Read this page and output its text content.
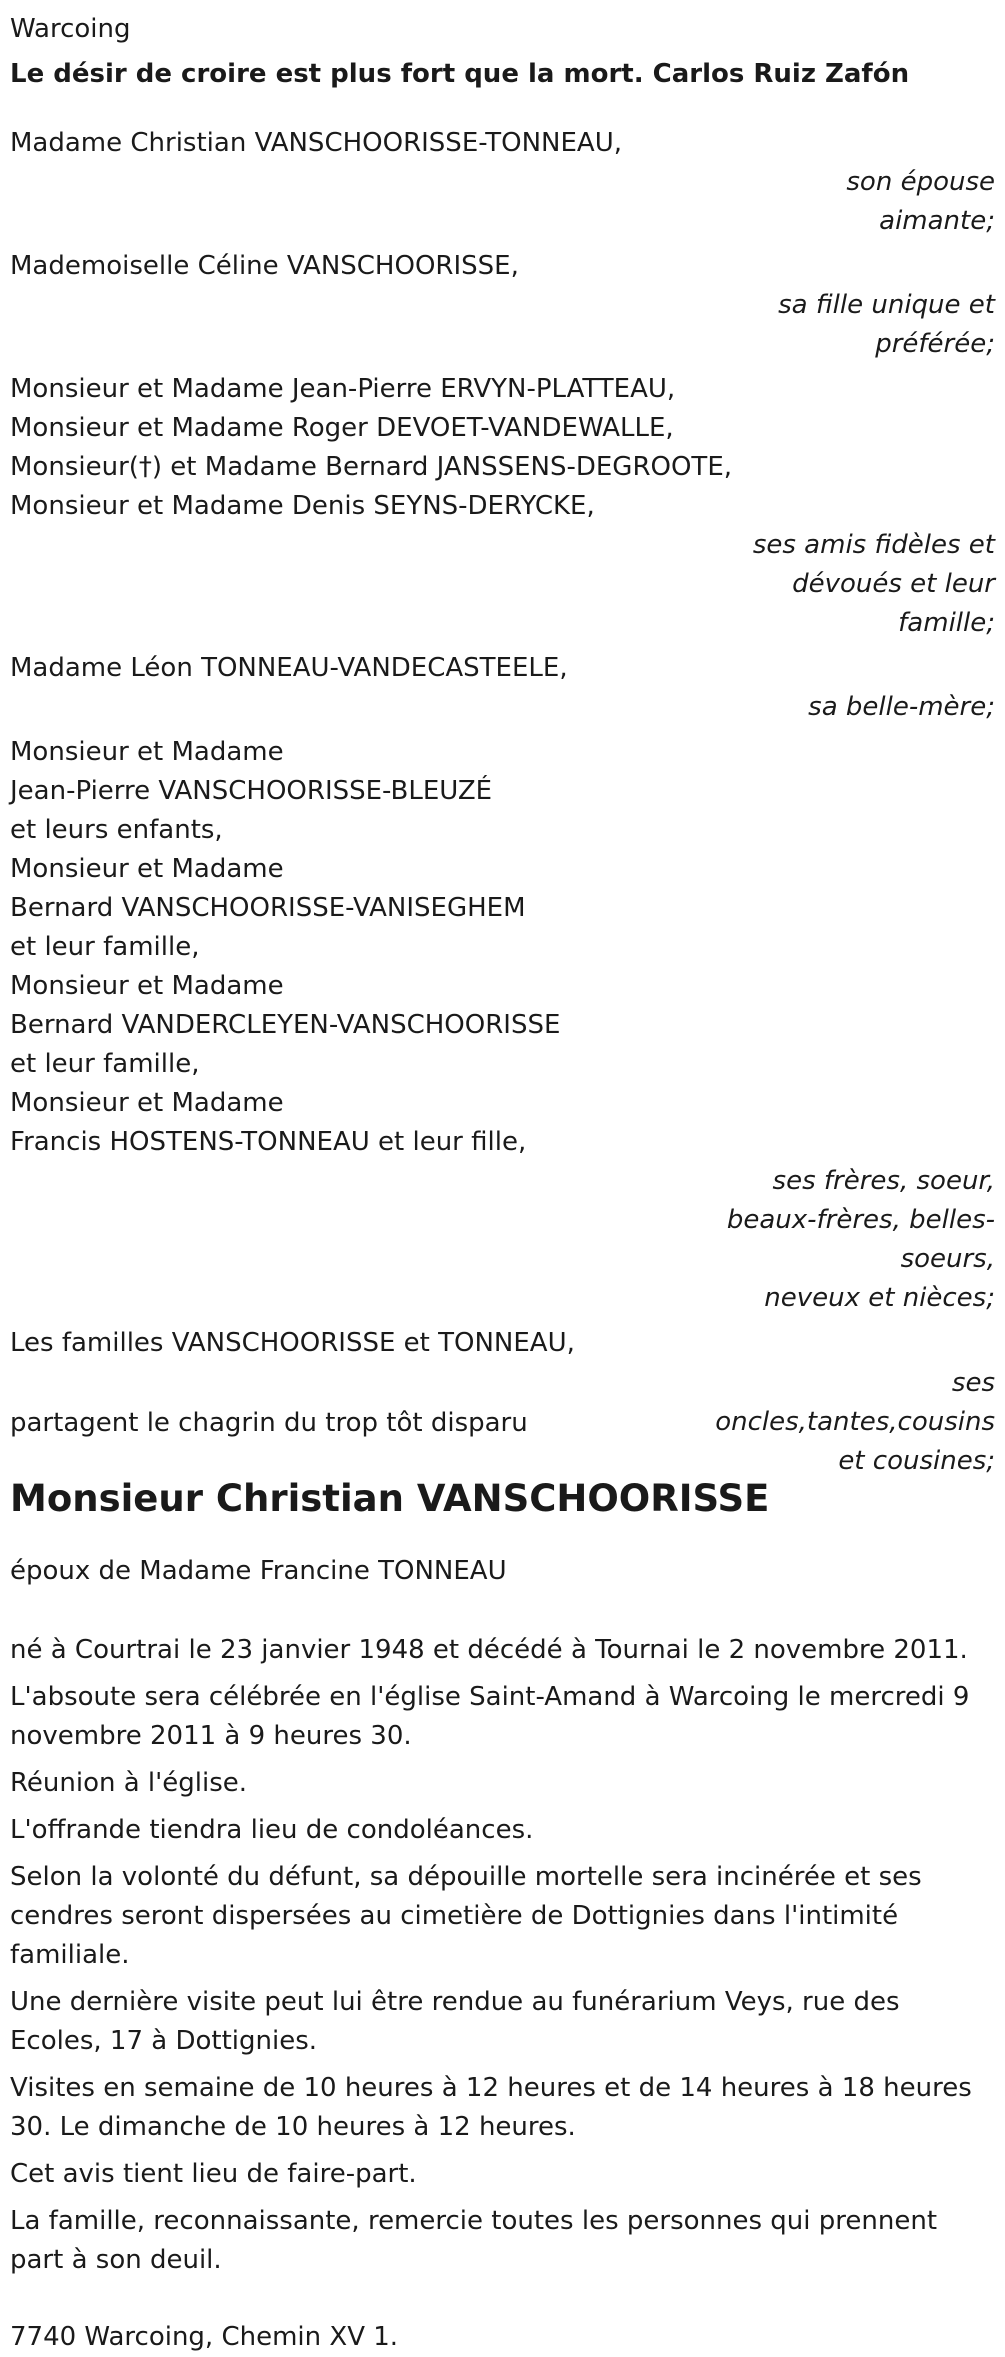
Warcoing
Le désir de croire est plus fort que la mort. Carlos Ruiz Zafón
Madame Christian VANSCHOORISSE-TONNEAU,
son épouse
aimante;
Mademoiselle Céline VANSCHOORISSE,
sa fille unique et
préférée;
Monsieur et Madame Jean-Pierre ERVYN-PLATTEAU,
Monsieur et Madame Roger DEVOET-VANDEWALLE,
Monsieur(†) et Madame Bernard JANSSENS-DEGROOTE,
Monsieur et Madame Denis SEYNS-DERYCKE,
ses amis fidèles et
dévoués et leur
famille;
Madame Léon TONNEAU-VANDECASTEELE,
sa belle-mère;
Monsieur et Madame
Jean-Pierre VANSCHOORISSE-BLEUZÉ
et leurs enfants,
Monsieur et Madame
Bernard VANSCHOORISSE-VANISEGHEM
et leur famille,
Monsieur et Madame
Bernard VANDERCLEYEN-VANSCHOORISSE
et leur famille,
Monsieur et Madame
Francis HOSTENS-TONNEAU et leur fille,
ses frères, soeur,
beaux-frères, belles-
soeurs,
neveux et nièces;
Les familles VANSCHOORISSE et TONNEAU,
ses
oncles,tantes,cousins
et cousines;
partagent le chagrin du trop tôt disparu
Monsieur Christian VANSCHOORISSE
époux de Madame Francine TONNEAU
né à Courtrai le 23 janvier 1948 et décédé à Tournai le 2 novembre 2011.
L'absoute sera célébrée en l'église Saint-Amand à Warcoing le mercredi 9 novembre 2011 à 9 heures 30.
Réunion à l'église.
L'offrande tiendra lieu de condoléances.
Selon la volonté du défunt, sa dépouille mortelle sera incinérée et ses cendres seront dispersées au cimetière de Dottignies dans l'intimité familiale.
Une dernière visite peut lui être rendue au funérarium Veys, rue des Ecoles, 17 à Dottignies.
Visites en semaine de 10 heures à 12 heures et de 14 heures à 18 heures 30. Le dimanche de 10 heures à 12 heures.
Cet avis tient lieu de faire-part.
La famille, reconnaissante, remercie toutes les personnes qui prennent part à son deuil.
7740 Warcoing, Chemin XV 1.
